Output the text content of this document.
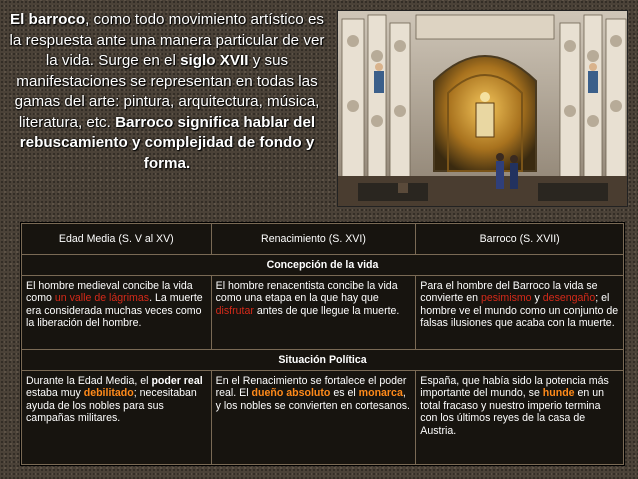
El barroco, como todo movimiento artístico es la respuesta ante una manera particular de ver la vida. Surge en el siglo XVII y sus manifestaciones se representan en todas las gamas del arte: pintura, arquitectura, música, literatura, etc. Barroco significa hablar del rebuscamiento y complejidad de fondo y forma.
Edad Media (S. V al XV)	Renacimiento (S. XVI)	Barroco (S. XVII)
Concepción de la vida		
El hombre medieval concibe la vida como un valle de lágrimas. La muerte era considerada muchas veces como la liberación del hombre.	El hombre renacentista concibe la vida como una etapa en la que hay que disfrutar antes de que llegue la muerte.	Para el hombre del Barroco la vida se convierte en pesimismo y desengaño; el hombre ve el mundo como un conjunto de falsas ilusiones que acaba con la muerte.
Situación Política		
Durante la Edad Media, el poder real estaba muy debilitado; necesitaban ayuda de los nobles para sus campañas militares.	En el Renacimiento se fortalece el poder real. El dueño absoluto es el monarca, y los nobles se convierten en cortesanos.	España, que había sido la potencia más importante del mundo, se hunde en un total fracaso y nuestro imperio termina con los últimos reyes de la casa de Austria.
